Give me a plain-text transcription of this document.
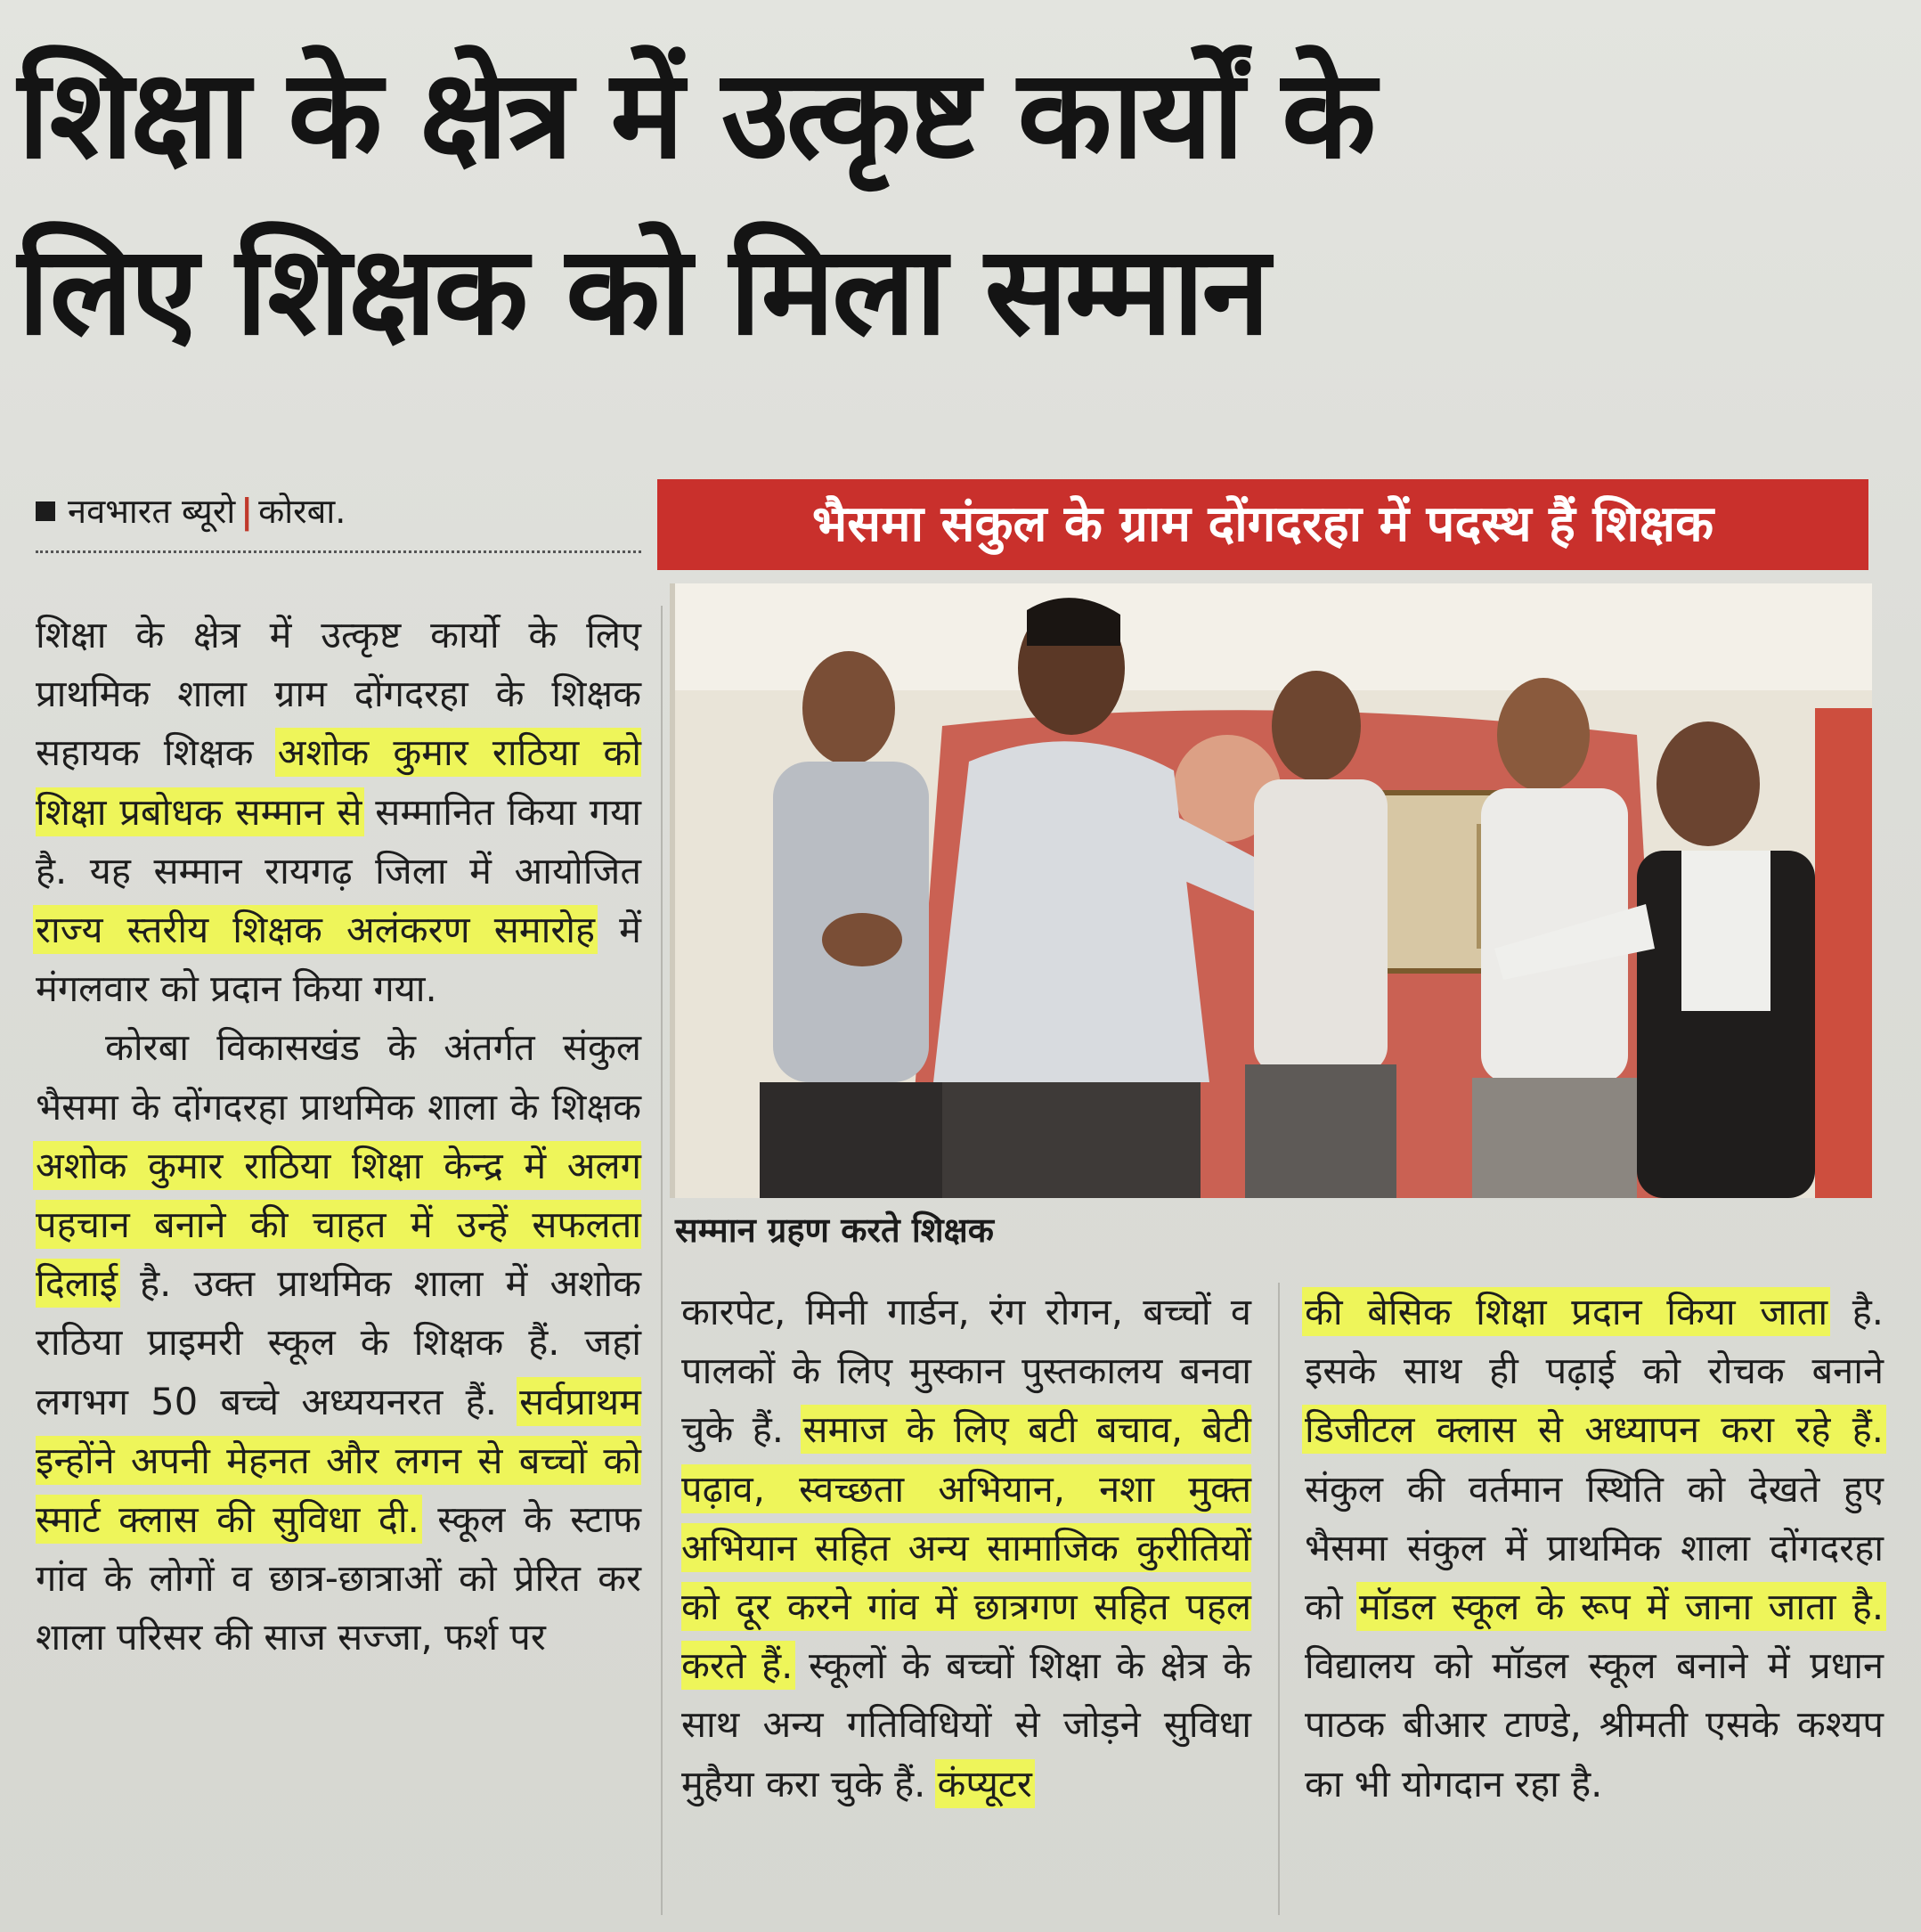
शिक्षा के क्षेत्र में उत्कृष्ट कार्यों के
लिए शिक्षक को मिला सम्मान
नवभारत ब्यूरो | कोरबा.

शिक्षा के क्षेत्र में उत्कृष्ट कार्यो के लिए प्राथमिक शाला ग्राम दोंगदरहा के शिक्षक सहायक शिक्षक अशोक कुमार राठिया को शिक्षा प्रबोधक सम्मान से सम्मानित किया गया है. यह सम्मान रायगढ़ जिला में आयोजित राज्य स्तरीय शिक्षक अलंकरण समारोह में मंगलवार को प्रदान किया गया.

कोरबा विकासखंड के अंतर्गत संकुल भैसमा के दोंगदरहा प्राथमिक शाला के शिक्षक अशोक कुमार राठिया शिक्षा केन्द्र में अलग पहचान बनाने की चाहत में उन्हें सफलता दिलाई है. उक्त प्राथमिक शाला में अशोक राठिया प्राइमरी स्कूल के शिक्षक हैं. जहां लगभग 50 बच्चे अध्ययनरत हैं. सर्वप्राथम इन्होंने अपनी मेहनत और लगन से बच्चों को स्मार्ट क्लास की सुविधा दी. स्कूल के स्टाफ गांव के लोगों व छात्र-छात्राओं को प्रेरित कर शाला परिसर की साज सज्जा, फर्श पर

भैसमा संकुल के ग्राम दोंगदरहा में पदस्थ हैं शिक्षक
सम्मान ग्रहण करते शिक्षक

कारपेट, मिनी गार्डन, रंग रोगन, बच्चों व पालकों के लिए मुस्कान पुस्तकालय बनवा चुके हैं. समाज के लिए बटी बचाव, बेटी पढ़ाव, स्वच्छता अभियान, नशा मुक्त अभियान सहित अन्य सामाजिक कुरीतियों को दूर करने गांव में छात्रगण सहित पहल करते हैं. स्कूलों के बच्चों शिक्षा के क्षेत्र के साथ अन्य गतिविधियों से जोड़ने सुविधा मुहैया करा चुके हैं. कंप्यूटर

की बेसिक शिक्षा प्रदान किया जाता है. इसके साथ ही पढ़ाई को रोचक बनाने डिजीटल क्लास से अध्यापन करा रहे हैं. संकुल की वर्तमान स्थिति को देखते हुए भैसमा संकुल में प्राथमिक शाला दोंगदरहा को मॉडल स्कूल के रूप में जाना जाता है. विद्यालय को मॉडल स्कूल बनाने में प्रधान पाठक बीआर टाण्डे, श्रीमती एसके कश्यप का भी योगदान रहा है.
